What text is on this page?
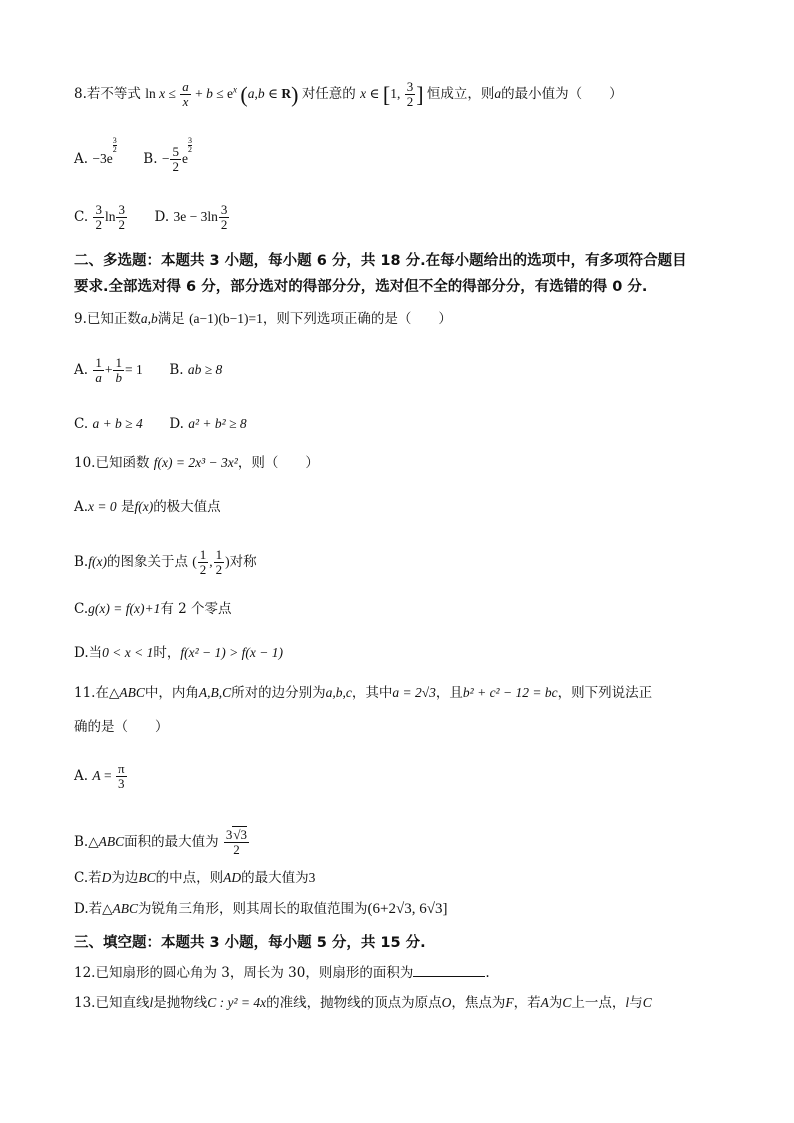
8.若不等式 $\ln x \le \frac{a}{x} + b \le e^x$ (a,b ∈ R) 对任意的 x ∈ [1, $\frac{3}{2}$ ] 恒成立，则a的最小值为（　　）
A. −3e
$\frac{3}{2}$
B. − $\frac{5}{2}$ e
$\frac{3}{2}$
C. $\frac{3}{2}$ $\ln \frac{3}{2} D$. $3e - 3\ln \frac{3}{2}$
二、多选题：本题共 3 小题，每小题 6 分，共 18 分.在每小题给出的选项中，有多项符合题目
要求.全部选对得 6 分，部分选对的得部分分，选对但不全的得部分分，有选错的得 0 分.
9.已知正数a,b满足 (a−1)(b−1)=1，则下列选项正确的是（　　）
A. $\frac{1}{a} + \frac{1}{b} = 1$ B. ab ≥ 8
C. a + b ≥ 4 D. a² + b² ≥ 8
10.已知函数 f(x) = 2x³ − 3x²，则（　　）
A.x = 0 是f(x)的极大值点
B.f(x)的图象关于点 ( $\frac{1}{2}$ , $\frac{1}{2}$ )对称
C.g(x) = f(x)+1有 2 个零点
D.当0 < x < 1时，f(x² − 1) > f(x − 1)
11.在△ABC中，内角A,B,C所对的边分别为a,b,c，其中a = 2√3，且b² + c² − 12 = bc，则下列说法正
确的是（　　）
A. $A = \frac{\pi}{3}$
B.△ABC面积的最大值为 $\frac{3√3}{2}$
C.若D为边BC的中点，则AD的最大值为3
D.若△ABC为锐角三角形，则其周长的取值范围为(6+2√3, 6√3]
三、填空题：本题共 3 小题，每小题 5 分，共 15 分.
12.已知扇形的圆心角为 3，周长为 30，则扇形的面积为	.
13.已知直线l是抛物线C : y² = 4x的准线，抛物线的顶点为原点O，焦点为F，若A为C上一点，l与C
